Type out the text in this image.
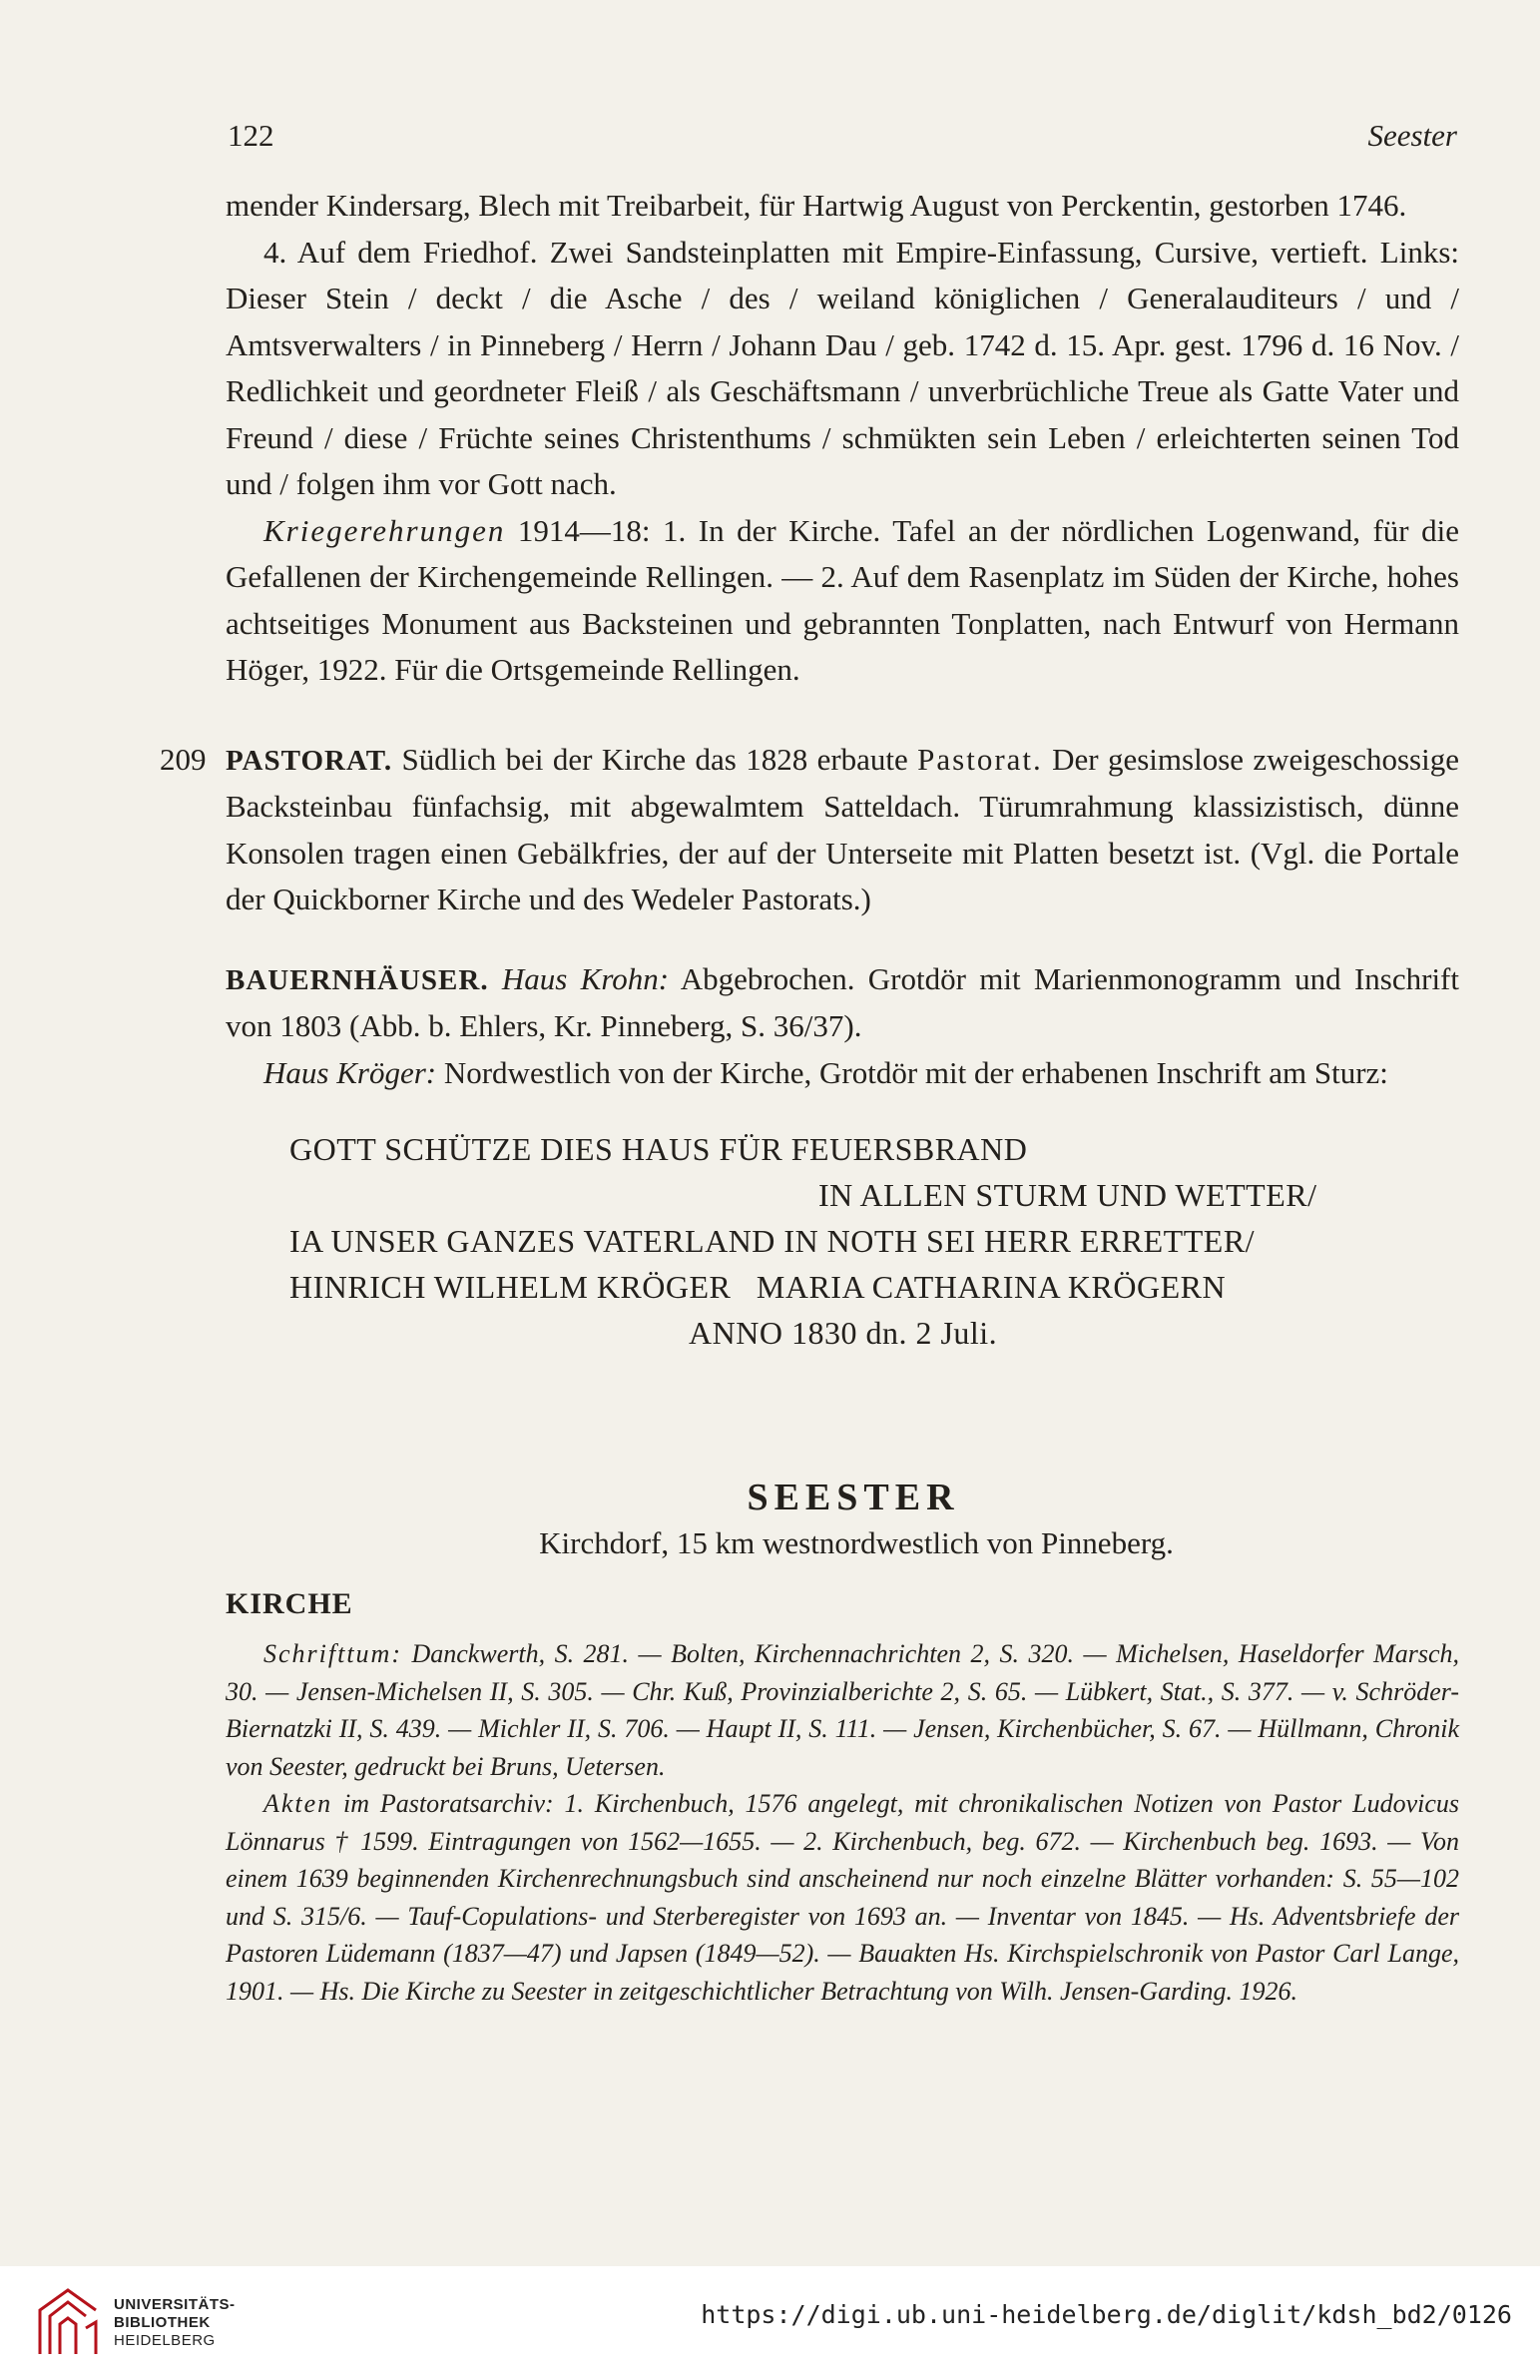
122	Seester

mender Kindersarg, Blech mit Treibarbeit, für Hartwig August von Perckentin, gestorben 1746.

4. Auf dem Friedhof. Zwei Sandsteinplatten mit Empire-Einfassung, Cursive, vertieft. Links: Dieser Stein / deckt / die Asche / des / weiland königlichen / Generalauditeurs / und / Amtsverwalters / in Pinneberg / Herrn / Johann Dau / geb. 1742 d. 15. Apr. gest. 1796 d. 16 Nov. / Redlichkeit und geordneter Fleiß / als Geschäftsmann / unverbrüchliche Treue als Gatte Vater und Freund / diese / Früchte seines Christenthums / schmükten sein Leben / erleichterten seinen Tod und / folgen ihm vor Gott nach.

Kriegerehrungen 1914—18: 1. In der Kirche. Tafel an der nördlichen Logenwand, für die Gefallenen der Kirchengemeinde Rellingen. — 2. Auf dem Rasenplatz im Süden der Kirche, hohes achtseitiges Monument aus Backsteinen und gebrannten Tonplatten, nach Entwurf von Hermann Höger, 1922. Für die Ortsgemeinde Rellingen.

209 PASTORAT. Südlich bei der Kirche das 1828 erbaute Pastorat. Der gesimslose zweigeschossige Backsteinbau fünfachsig, mit abgewalmtem Satteldach. Türumrahmung klassizistisch, dünne Konsolen tragen einen Gebälkfries, der auf der Unterseite mit Platten besetzt ist. (Vgl. die Portale der Quickborner Kirche und des Wedeler Pastorats.)

BAUERNHÄUSER. Haus Krohn: Abgebrochen. Grotdör mit Marienmonogramm und Inschrift von 1803 (Abb. b. Ehlers, Kr. Pinneberg, S. 36/37).

Haus Kröger: Nordwestlich von der Kirche, Grotdör mit der erhabenen Inschrift am Sturz:

GOTT SCHÜTZE DIES HAUS FÜR FEUERSBRAND
IN ALLEN STURM UND WETTER/
IA UNSER GANZES VATERLAND IN NOTH SEI HERR ERRETTER/
HINRICH WILHELM KRÖGER   MARIA CATHARINA KRÖGERN
ANNO 1830 dn. 2 Juli.
SEESTER
Kirchdorf, 15 km westnordwestlich von Pinneberg.
KIRCHE

Schrifttum: Danckwerth, S. 281. — Bolten, Kirchennachrichten 2, S. 320. — Michelsen, Haseldorfer Marsch, 30. — Jensen-Michelsen II, S. 305. — Chr. Kuß, Provinzialberichte 2, S. 65. — Lübkert, Stat., S. 377. — v. Schröder-Biernatzki II, S. 439. — Michler II, S. 706. — Haupt II, S. 111. — Jensen, Kirchenbücher, S. 67. — Hüllmann, Chronik von Seester, gedruckt bei Bruns, Uetersen.

Akten im Pastoratsarchiv: 1. Kirchenbuch, 1576 angelegt, mit chronikalischen Notizen von Pastor Ludovicus Lönnarus † 1599. Eintragungen von 1562—1655. — 2. Kirchenbuch, beg. 672. — Kirchenbuch beg. 1693. — Von einem 1639 beginnenden Kirchenrechnungsbuch sind anscheinend nur noch einzelne Blätter vorhanden: S. 55—102 und S. 315/6. — Tauf-Copulations- und Sterberegister von 1693 an. — Inventar von 1845. — Hs. Adventsbriefe der Pastoren Lüdemann (1837—47) und Japsen (1849—52). — Bauakten Hs. Kirchspielschronik von Pastor Carl Lange, 1901. — Hs. Die Kirche zu Seester in zeitgeschichtlicher Betrachtung von Wilh. Jensen-Garding. 1926.

UNIVERSITÄTS-
BIBLIOTHEK
HEIDELBERG
https://digi.ub.uni-heidelberg.de/diglit/kdsh_bd2/0126
